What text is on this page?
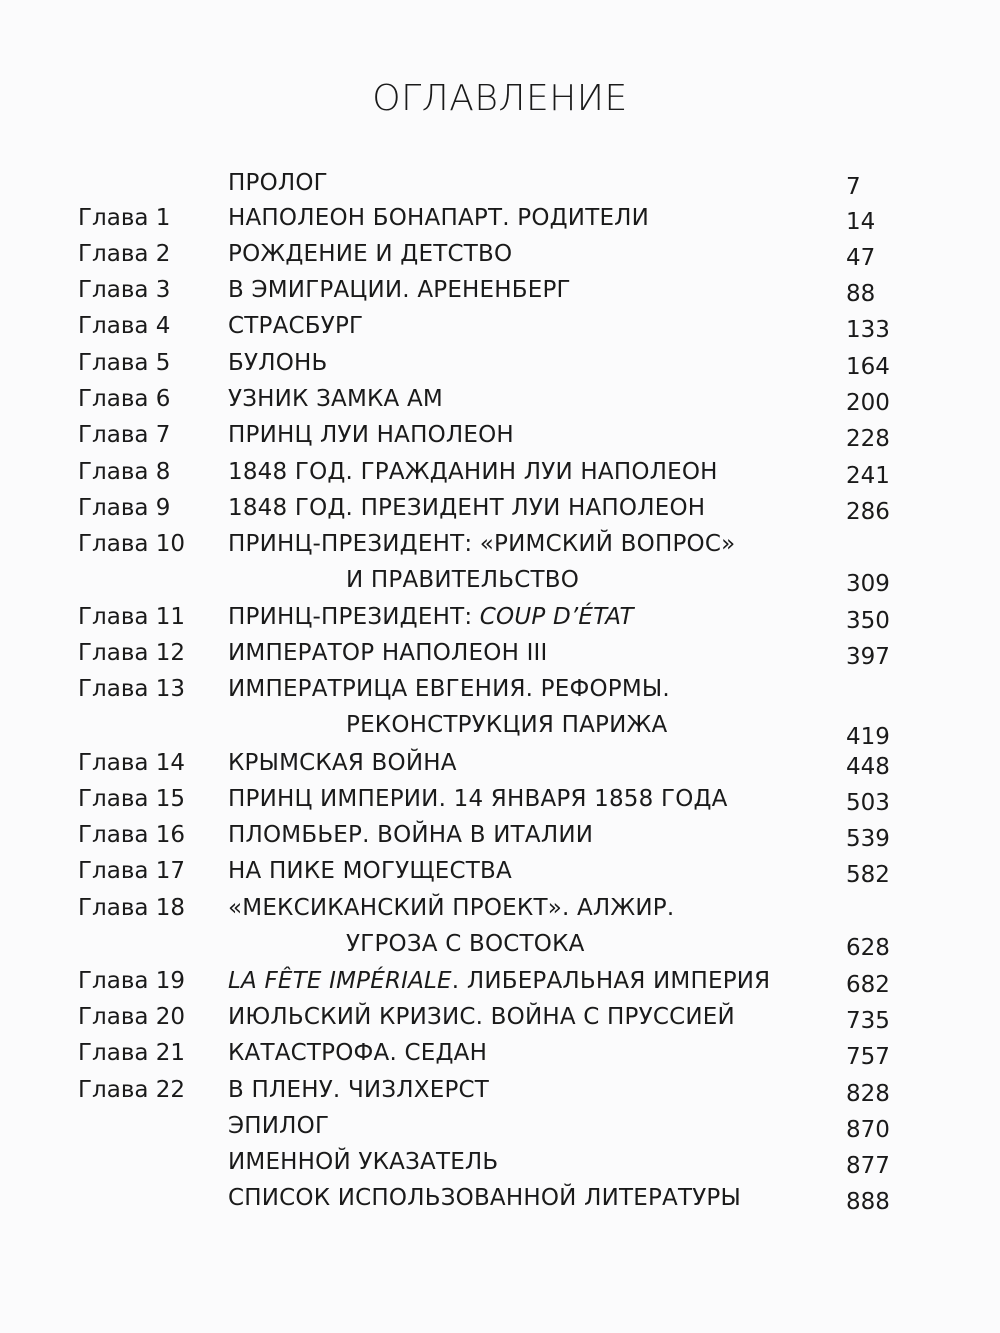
ОГЛАВЛЕНИЕ
ПРОЛОГ	7
Глава 1	НАПОЛЕОН БОНАПАРТ. РОДИТЕЛИ	14
Глава 2	РОЖДЕНИЕ И ДЕТСТВО	47
Глава 3	В ЭМИГРАЦИИ. АРЕНЕНБЕРГ	88
Глава 4	СТРАСБУРГ	133
Глава 5	БУЛОНЬ	164
Глава 6	УЗНИК ЗАМКА АМ	200
Глава 7	ПРИНЦ ЛУИ НАПОЛЕОН	228
Глава 8	1848 ГОД. ГРАЖДАНИН ЛУИ НАПОЛЕОН	241
Глава 9	1848 ГОД. ПРЕЗИДЕНТ ЛУИ НАПОЛЕОН	286
Глава 10 ПРИНЦ-ПРЕЗИДЕНТ: «РИМСКИЙ ВОПРОС»
И ПРАВИТЕЛЬСТВО	309
Глава 11 ПРИНЦ-ПРЕЗИДЕНТ: COUP D’ÉTAT	350
Глава 12 ИМПЕРАТОР НАПОЛЕОН III	397
Глава 13 ИМПЕРАТРИЦА ЕВГЕНИЯ. РЕФОРМЫ.
РЕКОНСТРУКЦИЯ ПАРИЖА	419
Глава 14 КРЫМСКАЯ ВОЙНА	448
Глава 15 ПРИНЦ ИМПЕРИИ. 14 ЯНВАРЯ 1858 ГОДА	503
Глава 16 ПЛОМБЬЕР. ВОЙНА В ИТАЛИИ	539
Глава 17 НА ПИКЕ МОГУЩЕСТВА	582
Глава 18 «МЕКСИКАНСКИЙ ПРОЕКТ». АЛЖИР.
УГРОЗА С ВОСТОКА	628
Глава 19 LA FÊTE IMPÉRIALE. ЛИБЕРАЛЬНАЯ ИМПЕРИЯ	682
Глава 20 ИЮЛЬСКИЙ КРИЗИС. ВОЙНА С ПРУССИЕЙ	735
Глава 21 КАТАСТРОФА. СЕДАН	757
Глава 22 В ПЛЕНУ. ЧИЗЛХЕРСТ	828
ЭПИЛОГ	870
ИМЕННОЙ УКАЗАТЕЛЬ	877
СПИСОК ИСПОЛЬЗОВАННОЙ ЛИТЕРАТУРЫ	888
